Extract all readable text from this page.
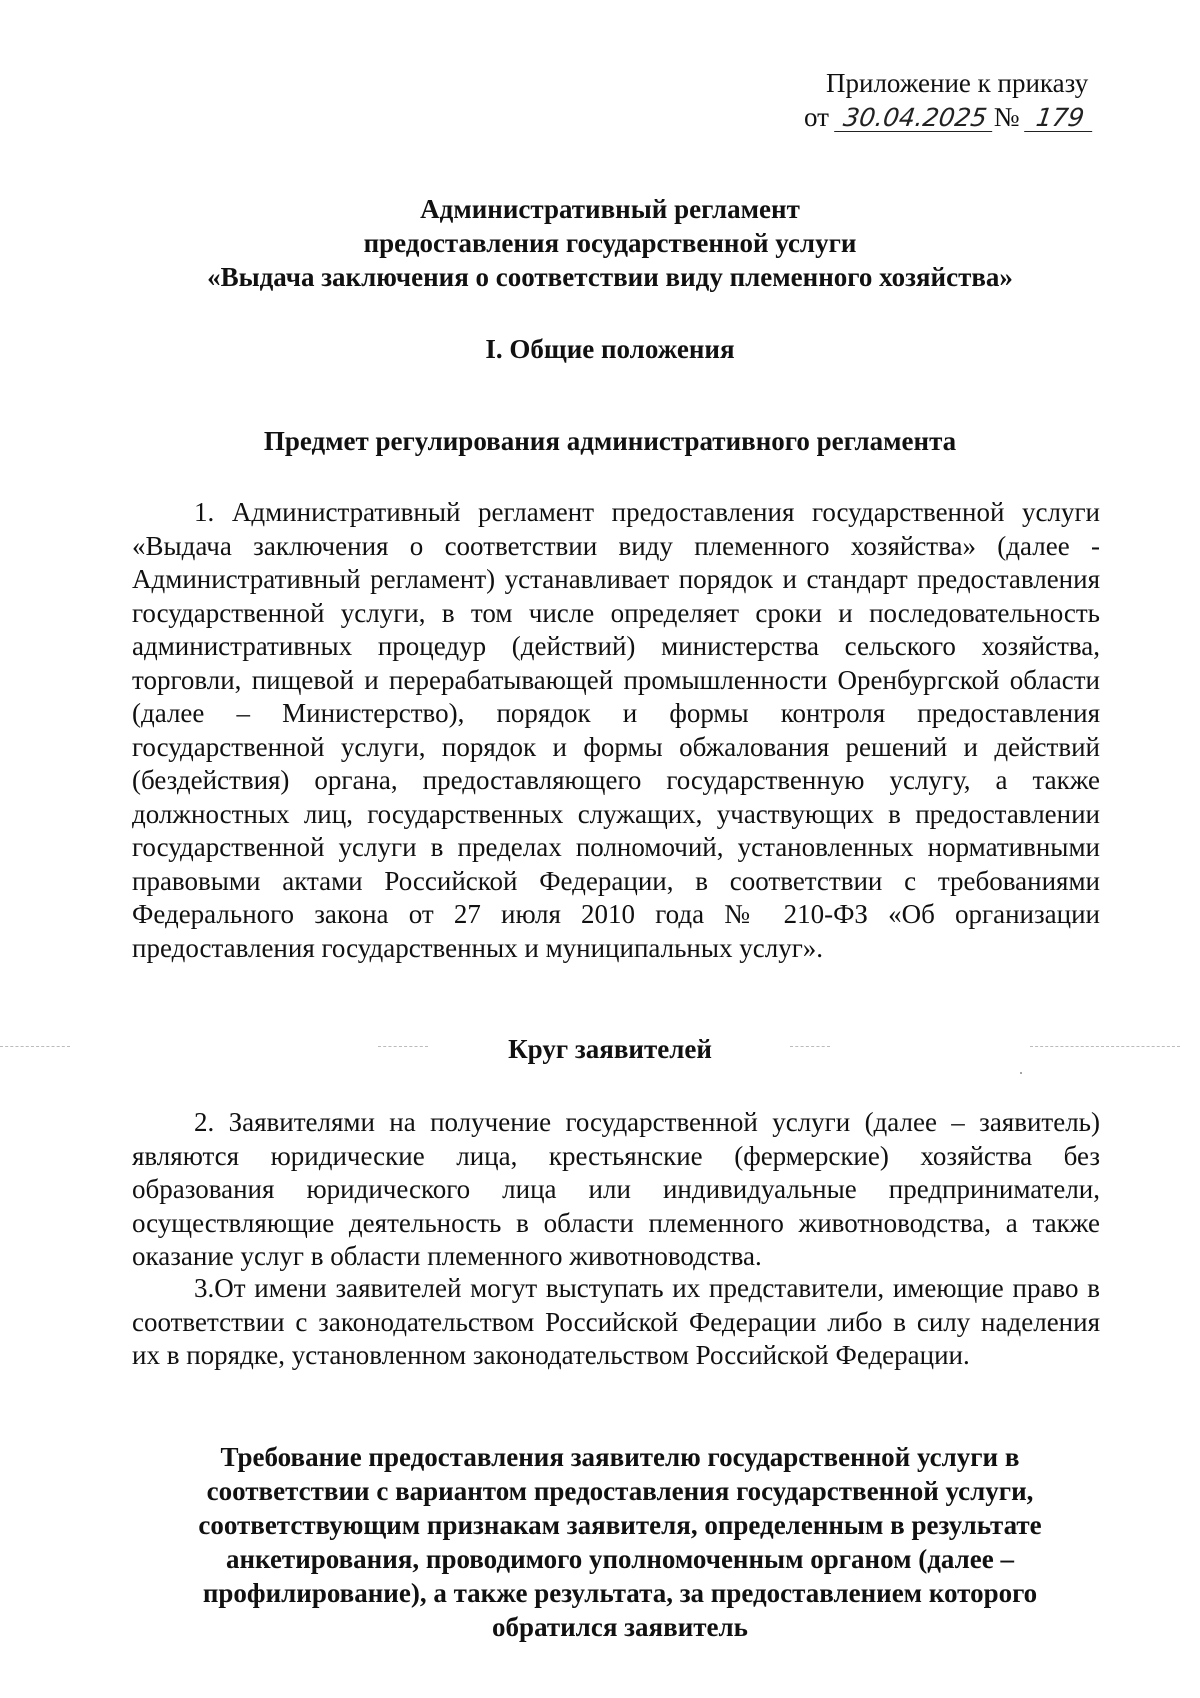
Приложение к приказу
от 30.04.2025 № 179
Административный регламент
предоставления государственной услуги
«Выдача заключения о соответствии виду племенного хозяйства»
I. Общие положения
Предмет регулирования административного регламента

1. Административный регламент предоставления государственной услуги «Выдача заключения о соответствии виду племенного хозяйства» (далее - Административный регламент) устанавливает порядок и стандарт предоставления государственной услуги, в том числе определяет сроки и последовательность административных процедур (действий) министерства сельского хозяйства, торговли, пищевой и перерабатывающей промышленности Оренбургской области (далее – Министерство), порядок и формы контроля предоставления государственной услуги, порядок и формы обжалования решений и действий (бездействия) органа, предоставляющего государственную услугу, а также должностных лиц, государственных служащих, участвующих в предоставлении государственной услуги в пределах полномочий, установленных нормативными правовыми актами Российской Федерации, в соответствии с требованиями Федерального закона от 27 июля 2010 года № 210-ФЗ «Об организации предоставления государственных и муниципальных услуг».

Круг заявителей

2. Заявителями на получение государственной услуги (далее – заявитель) являются юридические лица, крестьянские (фермерские) хозяйства без образования юридического лица или индивидуальные предприниматели, осуществляющие деятельность в области племенного животноводства, а также оказание услуг в области племенного животноводства.

3.От имени заявителей могут выступать их представители, имеющие право в соответствии с законодательством Российской Федерации либо в силу наделения их в порядке, установленном законодательством Российской Федерации.

Требование предоставления заявителю государственной услуги в
соответствии с вариантом предоставления государственной услуги,
соответствующим признакам заявителя, определенным в результате
анкетирования, проводимого уполномоченным органом (далее –
профилирование), а также результата, за предоставлением которого
обратился заявитель
